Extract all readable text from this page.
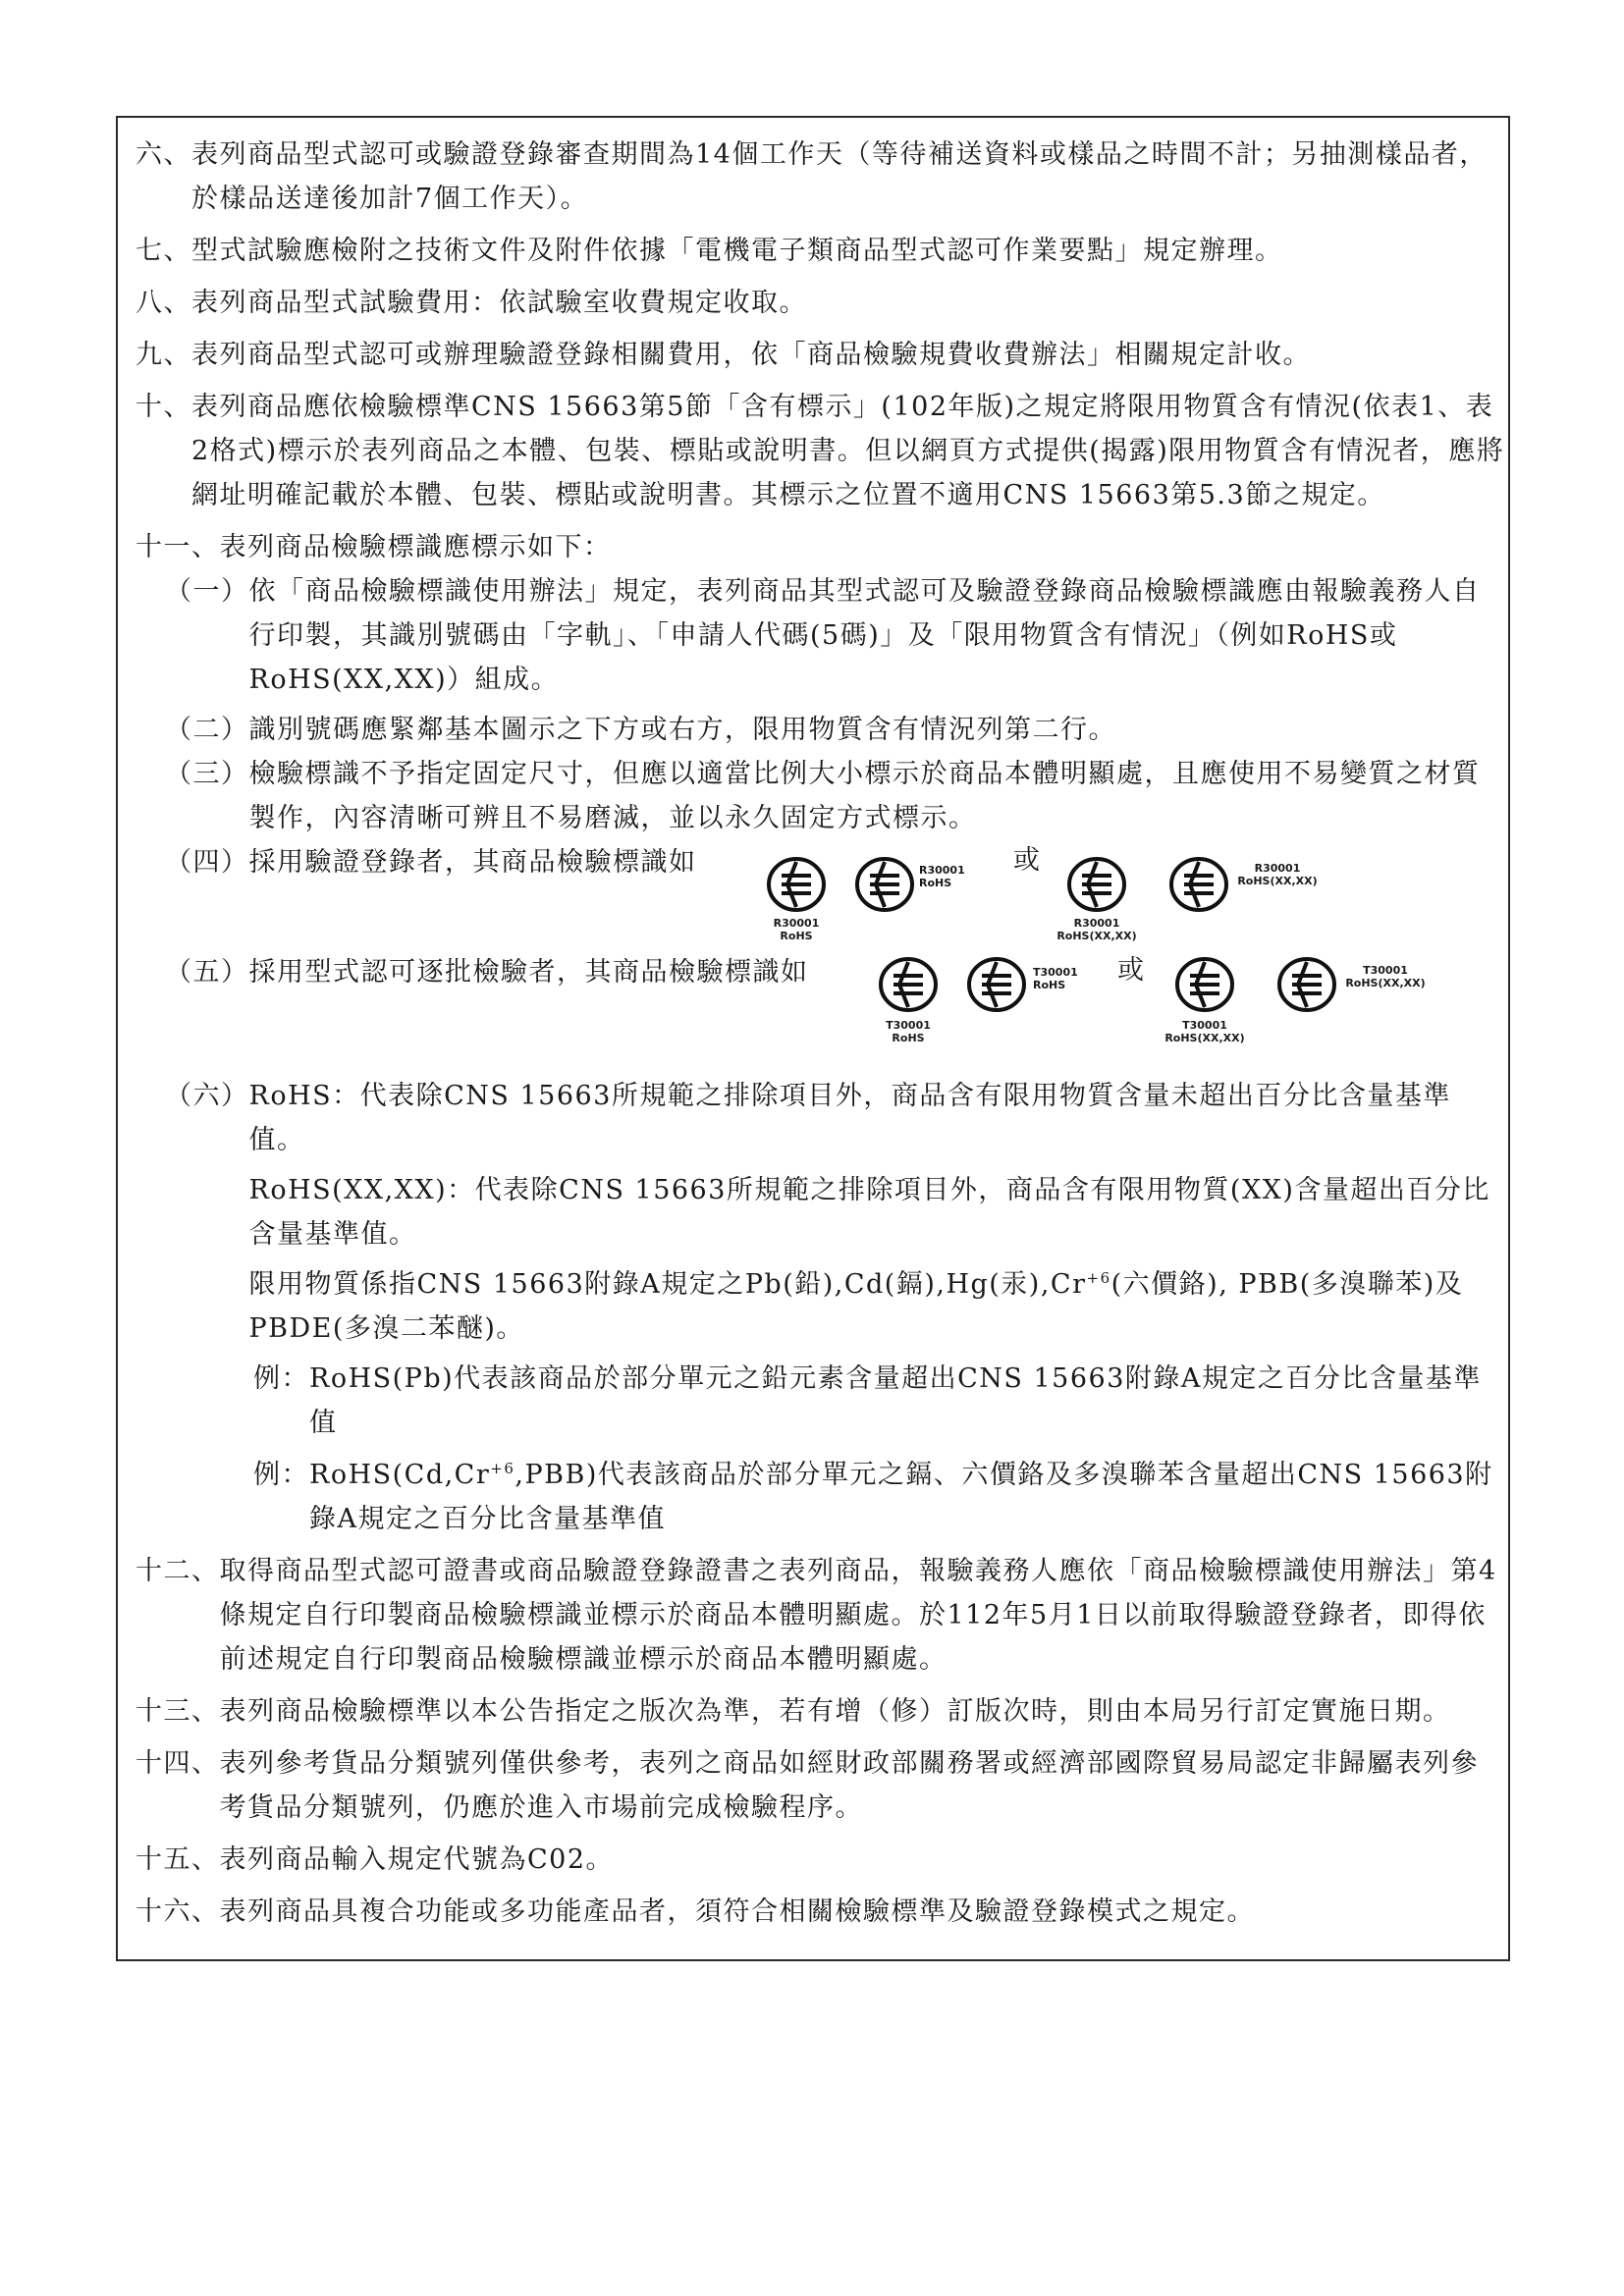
六、 表列商品型式認可或驗證登錄審查期間為14個工作天（等待補送資料或樣品之時間不計；另抽測樣品者，於樣品送達後加計7個工作天）。
七、 型式試驗應檢附之技術文件及附件依據「電機電子類商品型式認可作業要點」規定辦理。
八、 表列商品型式試驗費用：依試驗室收費規定收取。
九、 表列商品型式認可或辦理驗證登錄相關費用，依「商品檢驗規費收費辦法」相關規定計收。
十、 表列商品應依檢驗標準CNS 15663第5節「含有標示」(102年版)之規定將限用物質含有情況(依表1、表2格式)標示於表列商品之本體、包裝、標貼或說明書。但以網頁方式提供(揭露)限用物質含有情況者，應將網址明確記載於本體、包裝、標貼或說明書。其標示之位置不適用CNS 15663第5.3節之規定。
十一、 表列商品檢驗標識應標示如下：
（一） 依「商品檢驗標識使用辦法」規定，表列商品其型式認可及驗證登錄商品檢驗標識應由報驗義務人自行印製，其識別號碼由「字軌」、「申請人代碼(5碼)」及「限用物質含有情況」（例如RoHS或RoHS(XX,XX)）組成。
（二） 識別號碼應緊鄰基本圖示之下方或右方，限用物質含有情況列第二行。
（三） 檢驗標識不予指定固定尺寸，但應以適當比例大小標示於商品本體明顯處，且應使用不易變質之材質製作，內容清晰可辨且不易磨滅，並以永久固定方式標示。
（四）採用驗證登錄者，其商品檢驗標識如
R30001
RoHS
R30001
RoHS
或
R30001
RoHS(XX,XX)
R30001
RoHS(XX,XX)
（五）採用型式認可逐批檢驗者，其商品檢驗標識如
T30001
RoHS
T30001
RoHS	或
T30001
RoHS(XX,XX)
T30001
RoHS(XX,XX)
（六） RoHS：代表除CNS 15663所規範之排除項目外，商品含有限用物質含量未超出百分比含量基準值。

RoHS(XX,XX)：代表除CNS 15663所規範之排除項目外，商品含有限用物質(XX)含量超出百分比含量基準值。

限用物質係指CNS 15663附錄A規定之Pb(鉛),Cd(鎘),Hg(汞)$,Cr^{+6}$(六價鉻), PBB(多溴聯苯)及PBDE(多溴二苯醚)。

例： RoHS(Pb)代表該商品於部分單元之鉛元素含量超出CNS 15663附錄A規定之百分比含量基準值
例： $RoHS(Cd,Cr^{+6},PBB)$代表該商品於部分單元之鎘、六價鉻及多溴聯苯含量超出CNS 15663附錄A規定之百分比含量基準值
十二、 取得商品型式認可證書或商品驗證登錄證書之表列商品，報驗義務人應依「商品檢驗標識使用辦法」第4條規定自行印製商品檢驗標識並標示於商品本體明顯處。於112年5月1日以前取得驗證登錄者，即得依前述規定自行印製商品檢驗標識並標示於商品本體明顯處。
十三、 表列商品檢驗標準以本公告指定之版次為準，若有增（修）訂版次時，則由本局另行訂定實施日期。
十四、 表列參考貨品分類號列僅供參考，表列之商品如經財政部關務署或經濟部國際貿易局認定非歸屬表列參考貨品分類號列，仍應於進入市場前完成檢驗程序。
十五、 表列商品輸入規定代號為C02。
十六、 表列商品具複合功能或多功能產品者，須符合相關檢驗標準及驗證登錄模式之規定。
